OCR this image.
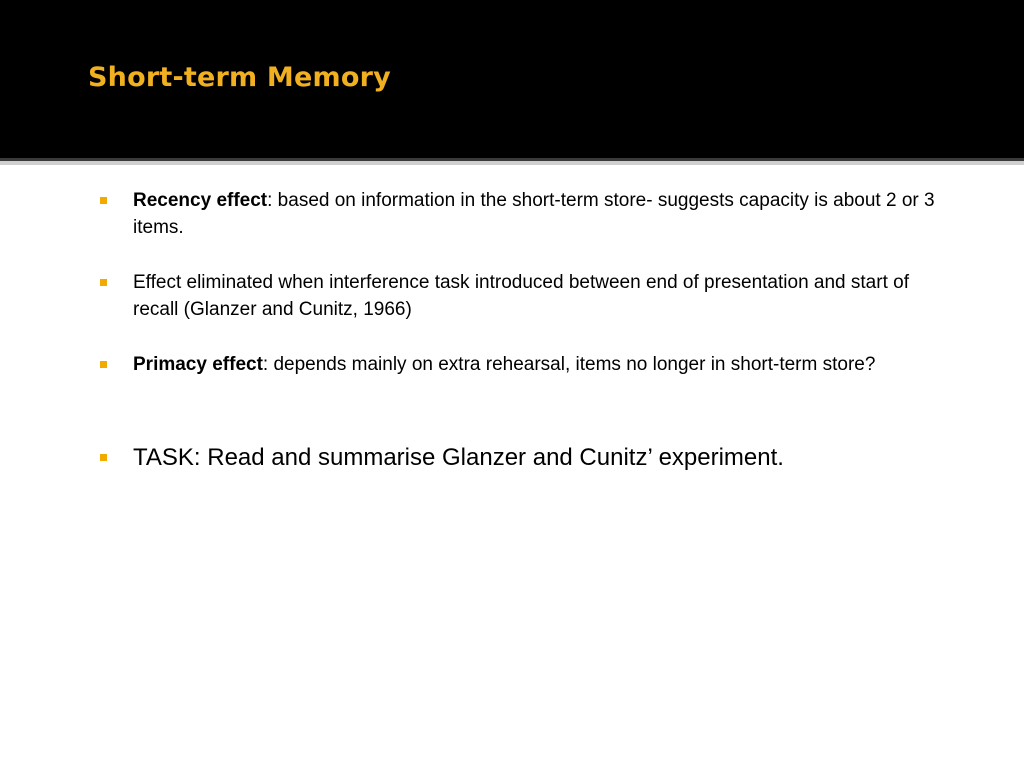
Short-term Memory
Recency effect: based on information in the short-term store- suggests capacity is about 2 or 3 items.
Effect eliminated when interference task introduced between end of presentation and start of recall (Glanzer and Cunitz, 1966)
Primacy effect: depends mainly on extra rehearsal, items no longer in short-term store?
TASK: Read and summarise Glanzer and Cunitz’ experiment.
